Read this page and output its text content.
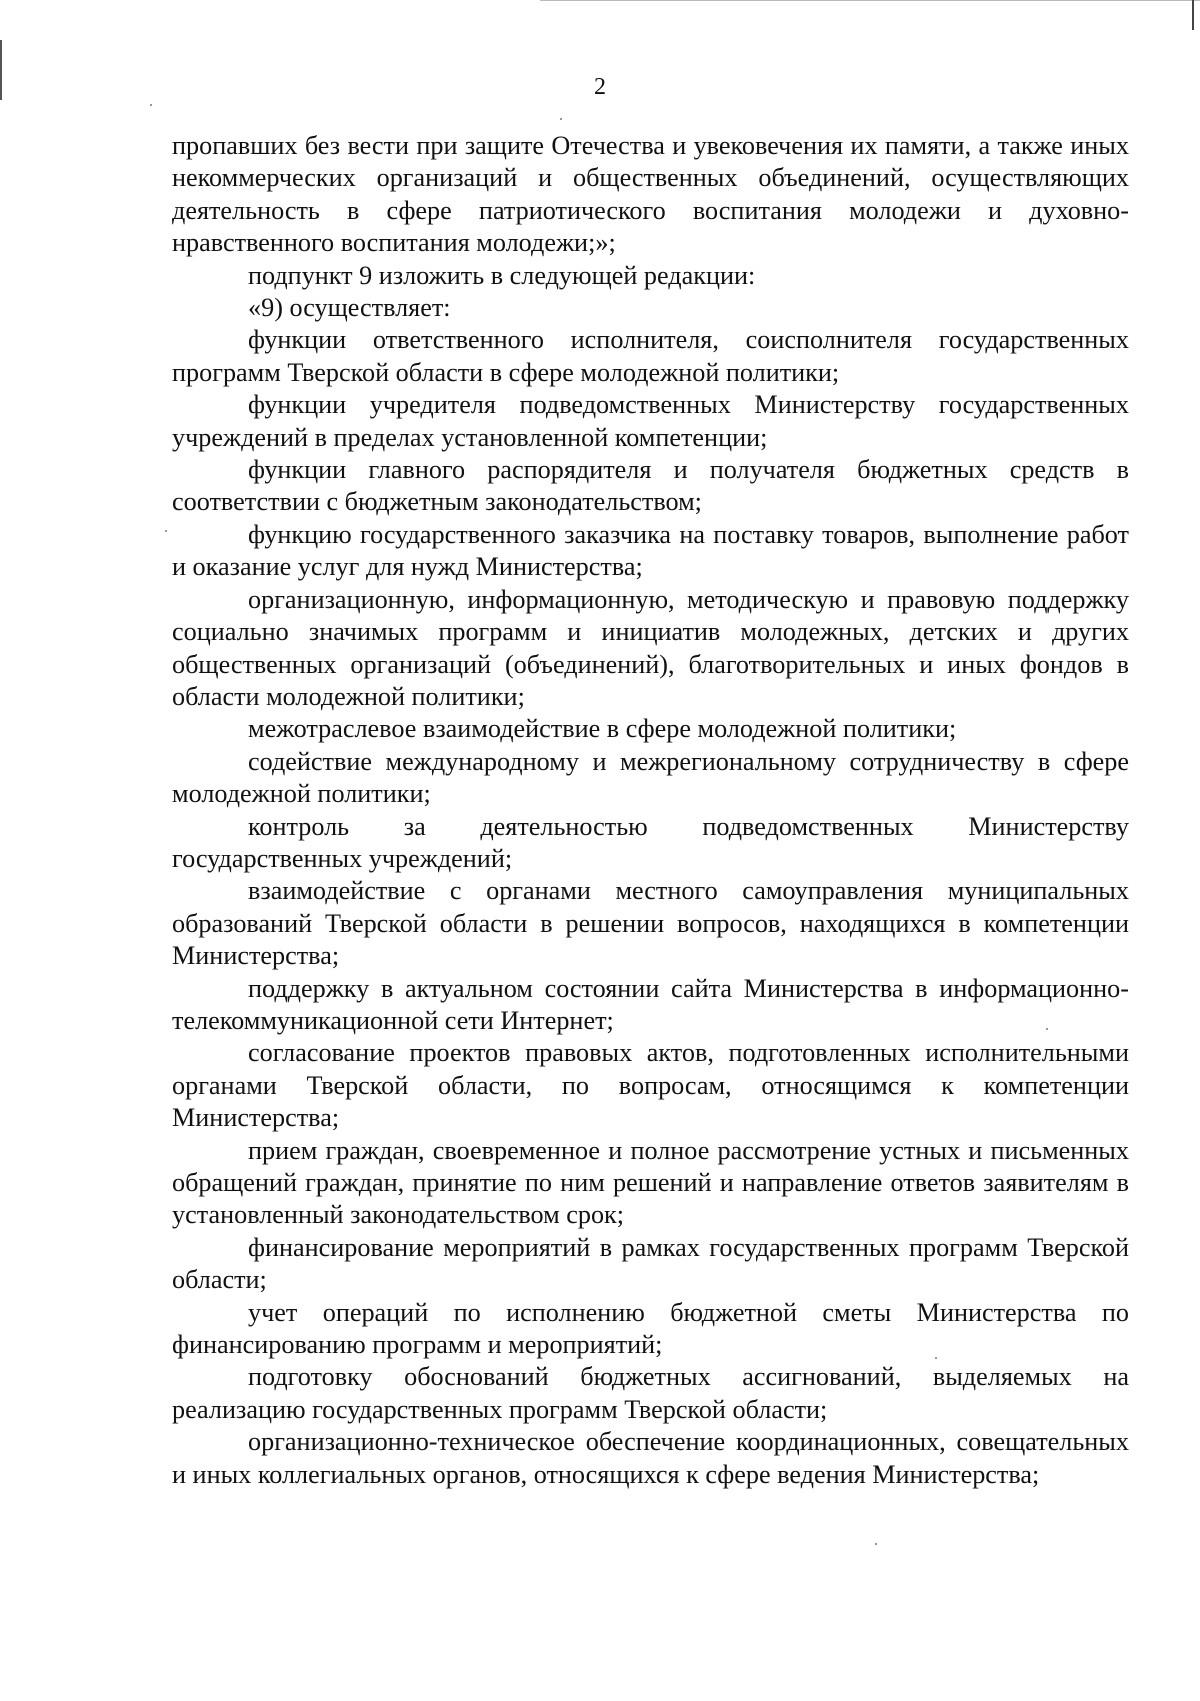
2

пропавших без вести при защите Отечества и увековечения их памяти, а также иных некоммерческих организаций и общественных объединений, осуществляющих деятельность в сфере патриотического воспитания молодежи и духовно-нравственного воспитания молодежи;»;

подпункт 9 изложить в следующей редакции:

«9) осуществляет:

функции ответственного исполнителя, соисполнителя государственных программ Тверской области в сфере молодежной политики;

функции учредителя подведомственных Министерству государственных учреждений в пределах установленной компетенции;

функции главного распорядителя и получателя бюджетных средств в соответствии с бюджетным законодательством;

функцию государственного заказчика на поставку товаров, выполнение работ и оказание услуг для нужд Министерства;

организационную, информационную, методическую и правовую поддержку социально значимых программ и инициатив молодежных, детских и других общественных организаций (объединений), благотворительных и иных фондов в области молодежной политики;

межотраслевое взаимодействие в сфере молодежной политики;

содействие международному и межрегиональному сотрудничеству в сфере молодежной политики;

контроль за деятельностью подведомственных Министерству государственных учреждений;

взаимодействие с органами местного самоуправления муниципальных образований Тверской области в решении вопросов, находящихся в компетенции Министерства;

поддержку в актуальном состоянии сайта Министерства в информационно-телекоммуникационной сети Интернет;

согласование проектов правовых актов, подготовленных исполнительными органами Тверской области, по вопросам, относящимся к компетенции Министерства;

прием граждан, своевременное и полное рассмотрение устных и письменных обращений граждан, принятие по ним решений и направление ответов заявителям в установленный законодательством срок;

финансирование мероприятий в рамках государственных программ Тверской области;

учет операций по исполнению бюджетной сметы Министерства по финансированию программ и мероприятий;

подготовку обоснований бюджетных ассигнований, выделяемых на реализацию государственных программ Тверской области;

организационно-техническое обеспечение координационных, совещательных и иных коллегиальных органов, относящихся к сфере ведения Министерства;
